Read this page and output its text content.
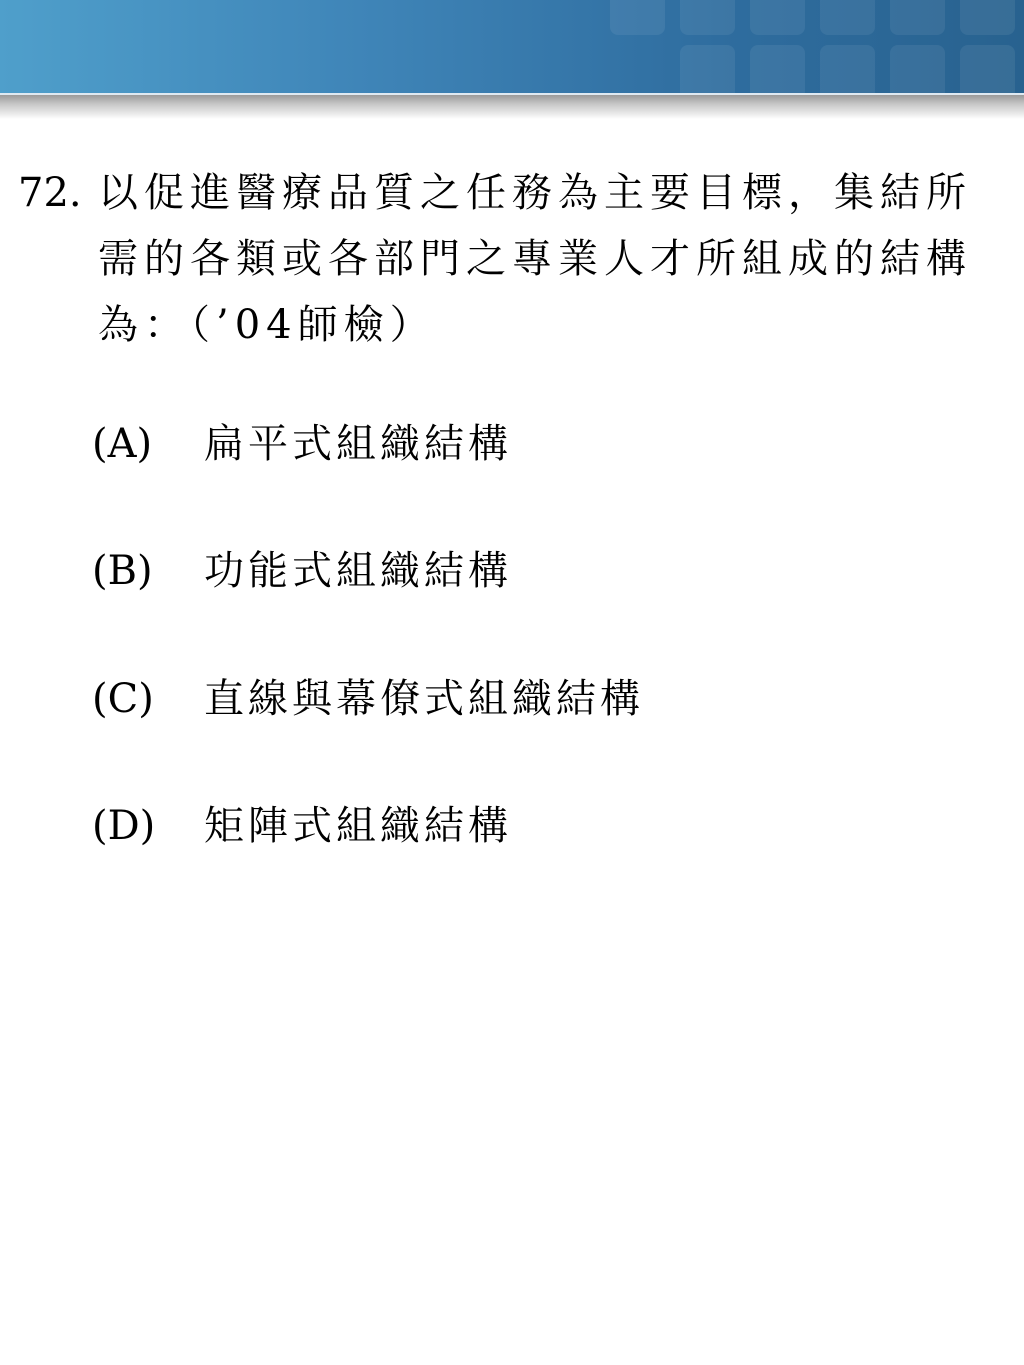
72. 以促進醫療品質之任務為主要目標，集結所需的各類或各部門之專業人才所組成的結構為：（’04師檢）
(A) 扁平式組織結構
(B) 功能式組織結構
(C) 直線與幕僚式組織結構
(D) 矩陣式組織結構
